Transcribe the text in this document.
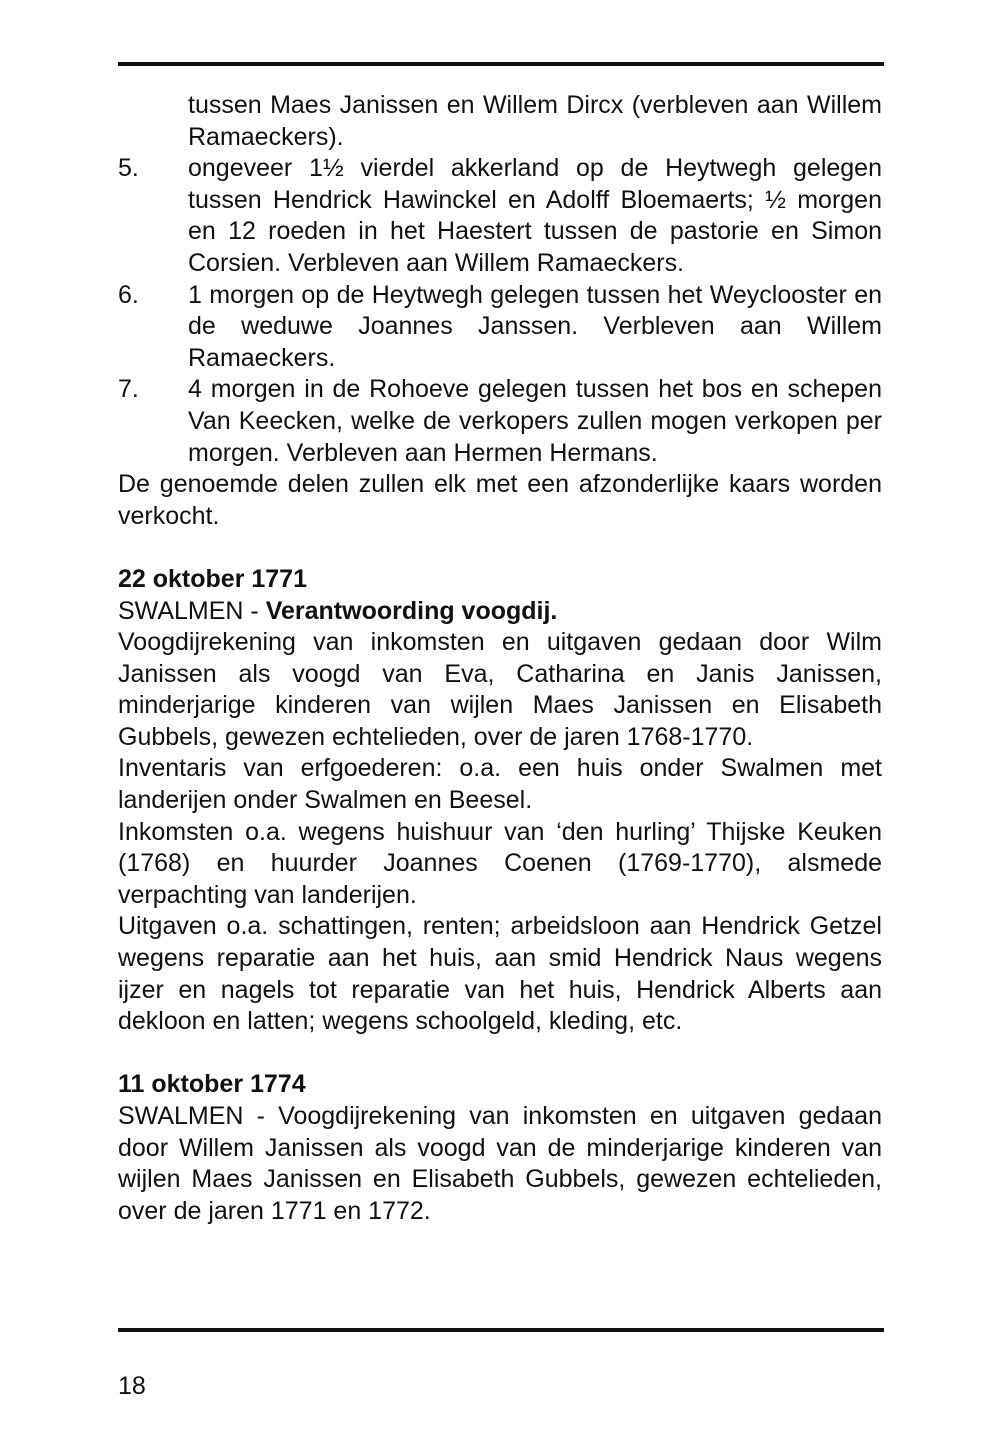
tussen Maes Janissen en Willem Dircx (verbleven aan Willem Ramaeckers).

5.	ongeveer 1½ vierdel akkerland op de Heytwegh gelegen tussen Hendrick Hawinckel en Adolff Bloemaerts; ½ morgen en 12 roeden in het Haestert tussen de pastorie en Simon Corsien. Verbleven aan Willem Ramaeckers.
6.	1 morgen op de Heytwegh gelegen tussen het Weyclooster en de weduwe Joannes Janssen. Verbleven aan Willem Ramaeckers.
7.	4 morgen in de Rohoeve gelegen tussen het bos en schepen Van Keecken, welke de verkopers zullen mogen verkopen per morgen. Verbleven aan Hermen Hermans.

De genoemde delen zullen elk met een afzonderlijke kaars worden verkocht.

22 oktober 1771

SWALMEN - Verantwoording voogdij.

Voogdijrekening van inkomsten en uitgaven gedaan door Wilm Janissen als voogd van Eva, Catharina en Janis Janissen, minderjarige kinderen van wijlen Maes Janissen en Elisabeth Gubbels, gewezen echtelieden, over de jaren 1768-1770.

Inventaris van erfgoederen: o.a. een huis onder Swalmen met landerijen onder Swalmen en Beesel.

Inkomsten o.a. wegens huishuur van ‘den hurling’ Thijske Keuken (1768) en huurder Joannes Coenen (1769-1770), alsmede verpachting van landerijen.

Uitgaven o.a. schattingen, renten; arbeidsloon aan Hendrick Getzel wegens reparatie aan het huis, aan smid Hendrick Naus wegens ijzer en nagels tot reparatie van het huis, Hendrick Alberts aan dekloon en latten; wegens schoolgeld, kleding, etc.

11 oktober 1774

SWALMEN - Voogdijrekening van inkomsten en uitgaven gedaan door Willem Janissen als voogd van de minderjarige kinderen van wijlen Maes Janissen en Elisabeth Gubbels, gewezen echtelieden, over de jaren 1771 en 1772.

18
